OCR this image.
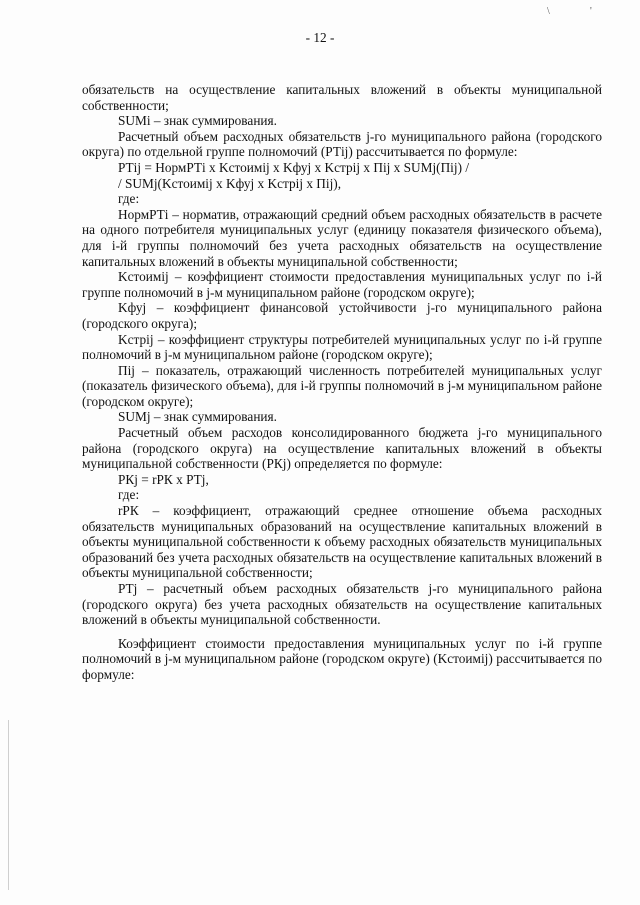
\	'
- 12 -

обязательств на осуществление капитальных вложений в объекты муниципальной собственности;

SUMi – знак суммирования.

Расчетный объем расходных обязательств j-го муниципального района (городского округа) по отдельной группе полномочий (РТij) рассчитывается по формуле:

РТij = НормРТi x Kстоимij x Kфуj x Kстрij x Пij x SUMj(Пij) /

/ SUMj(Kстоимij x Kфуj x Kстрij x Пij),

где:

НормРТi – норматив, отражающий средний объем расходных обязательств в расчете на одного потребителя муниципальных услуг (единицу показателя физического объема), для i-й группы полномочий без учета расходных обязательств на осуществление капитальных вложений в объекты муниципальной собственности;

Kстоимij – коэффициент стоимости предоставления муниципальных услуг по i-й группе полномочий в j-м муниципальном районе (городском округе);

Kфуj – коэффициент финансовой устойчивости j-го муниципального района (городского округа);

Kстрij – коэффициент структуры потребителей муниципальных услуг по i-й группе полномочий в j-м муниципальном районе (городском округе);

Пij – показатель, отражающий численность потребителей муниципальных услуг (показатель физического объема), для i-й группы полномочий в j-м муниципальном районе (городском округе);

SUMj – знак суммирования.

Расчетный объем расходов консолидированного бюджета j-го муниципального района (городского округа) на осуществление капитальных вложений в объекты муниципальной собственности (РКj) определяется по формуле:

РКj = rРК x РТj,

где:

rРК – коэффициент, отражающий среднее отношение объема расходных обязательств муниципальных образований на осуществление капитальных вложений в объекты муниципальной собственности к объему расходных обязательств муниципальных образований без учета расходных обязательств на осуществление капитальных вложений в объекты муниципальной собственности;

РТj – расчетный объем расходных обязательств j-го муниципального района (городского округа) без учета расходных обязательств на осуществление капитальных вложений в объекты муниципальной собственности.

Коэффициент стоимости предоставления муниципальных услуг по i-й группе полномочий в j-м муниципальном районе (городском округе) (Kстоимij) рассчитывается по формуле:
